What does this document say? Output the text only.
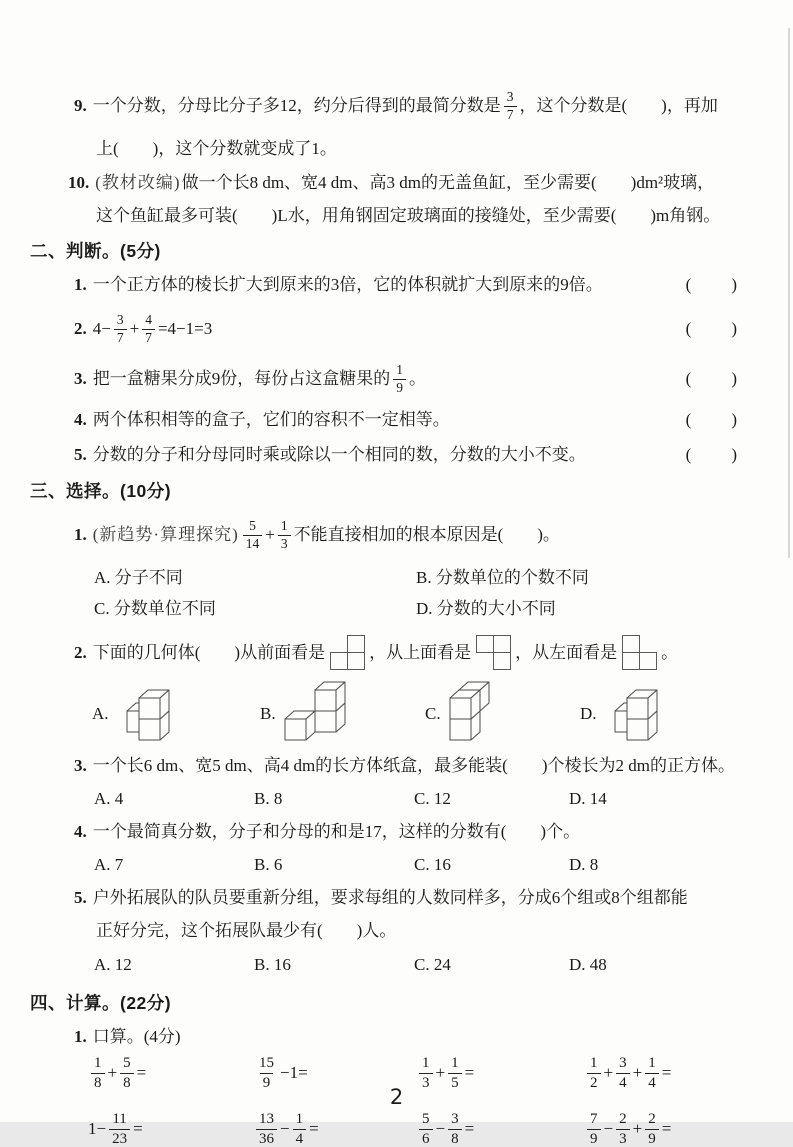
9. 一个分数，分母比分子多12，约分后得到的最简分数是 $\frac{3}{7}$ ，这个分数是(　　)，再加
上(　　)，这个分数就变成了1。
10. (教材改编) 做一个长8 dm、宽4 dm、高3 dm的无盖鱼缸，至少需要(　　)dm²玻璃，
这个鱼缸最多可装(　　)L水，用角钢固定玻璃面的接缝处，至少需要(　　)m角钢。
二、判断。(5分)
1. 一个正方体的棱长扩大到原来的3倍，它的体积就扩大到原来的9倍。	(　　)
2. $4- \frac{3}{7} + \frac{4}{7} =4-1=3$	(　　)
3. 把一盒糖果分成9份，每份占这盒糖果的 $\frac{1}{9}$ 。	(　　)
4. 两个体积相等的盒子，它们的容积不一定相等。	(　　)
5. 分数的分子和分母同时乘或除以一个相同的数，分数的大小不变。	(　　)
三、选择。(10分)
1. (新趋势·算理探究) $\frac{5}{14} + \frac{1}{3}$ 不能直接相加的根本原因是(　　)。
A. 分子不同	B. 分数单位的个数不同
C. 分数单位不同	D. 分数的大小不同
2. 下面的几何体(　　)从前面看是	，从上面看是	，从左面看是	。
A.	B.	C.	D.
3. 一个长6 dm、宽5 dm、高4 dm的长方体纸盒，最多能装(　　)个棱长为2 dm的正方体。
A. 4	B. 8	C. 12	D. 14
4. 一个最简真分数，分子和分母的和是17，这样的分数有(　　)个。
A. 7	B. 6	C. 16	D. 8
5. 户外拓展队的队员要重新分组，要求每组的人数同样多，分成6个组或8个组都能
正好分完，这个拓展队最少有(　　)人。
A. 12	B. 16	C. 24	D. 48
四、计算。(22分)
1. 口算。(4分)
$\frac{1}{8} + \frac{5}{8}$ =	$\frac{15}{9} -1=$	$\frac{1}{3} + \frac{1}{5}$ =	$\frac{1}{2} + \frac{3}{4} + \frac{1}{4}$ =
$1- \frac{11}{23}$ =	$\frac{13}{36} - \frac{1}{4}$ =	$\frac{5}{6} - \frac{3}{8}$ =	$\frac{7}{9} - \frac{2}{3} + \frac{2}{9}$ =
2
